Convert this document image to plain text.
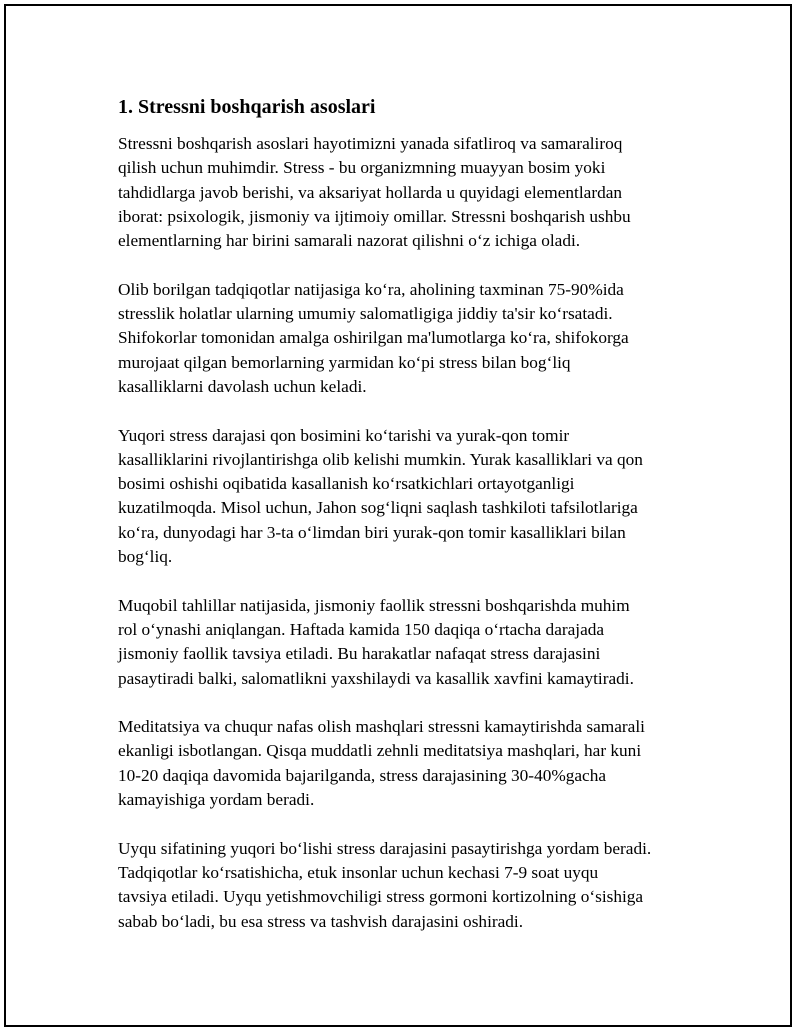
1. Stressni boshqarish asoslari

Stressni boshqarish asoslari hayotimizni yanada sifatliroq va samaraliroq
qilish uchun muhimdir. Stress - bu organizmning muayyan bosim yoki
tahdidlarga javob berishi, va aksariyat hollarda u quyidagi elementlardan
iborat: psixologik, jismoniy va ijtimoiy omillar. Stressni boshqarish ushbu
elementlarning har birini samarali nazorat qilishni o‘z ichiga oladi.

Olib borilgan tadqiqotlar natijasiga ko‘ra, aholining taxminan 75-90%ida
stresslik holatlar ularning umumiy salomatligiga jiddiy ta'sir ko‘rsatadi.
Shifokorlar tomonidan amalga oshirilgan ma'lumotlarga ko‘ra, shifokorga
murojaat qilgan bemorlarning yarmidan ko‘pi stress bilan bog‘liq
kasalliklarni davolash uchun keladi.

Yuqori stress darajasi qon bosimini ko‘tarishi va yurak-qon tomir
kasalliklarini rivojlantirishga olib kelishi mumkin. Yurak kasalliklari va qon
bosimi oshishi oqibatida kasallanish ko‘rsatkichlari ortayotganligi
kuzatilmoqda. Misol uchun, Jahon sog‘liqni saqlash tashkiloti tafsilotlariga
ko‘ra, dunyodagi har 3-ta o‘limdan biri yurak-qon tomir kasalliklari bilan
bog‘liq.

Muqobil tahlillar natijasida, jismoniy faollik stressni boshqarishda muhim
rol o‘ynashi aniqlangan. Haftada kamida 150 daqiqa o‘rtacha darajada
jismoniy faollik tavsiya etiladi. Bu harakatlar nafaqat stress darajasini
pasaytiradi balki, salomatlikni yaxshilaydi va kasallik xavfini kamaytiradi.

Meditatsiya va chuqur nafas olish mashqlari stressni kamaytirishda samarali
ekanligi isbotlangan. Qisqa muddatli zehnli meditatsiya mashqlari, har kuni
10-20 daqiqa davomida bajarilganda, stress darajasining 30-40%gacha
kamayishiga yordam beradi.

Uyqu sifatining yuqori bo‘lishi stress darajasini pasaytirishga yordam beradi.
Tadqiqotlar ko‘rsatishicha, etuk insonlar uchun kechasi 7-9 soat uyqu
tavsiya etiladi. Uyqu yetishmovchiligi stress gormoni kortizolning o‘sishiga
sabab bo‘ladi, bu esa stress va tashvish darajasini oshiradi.
